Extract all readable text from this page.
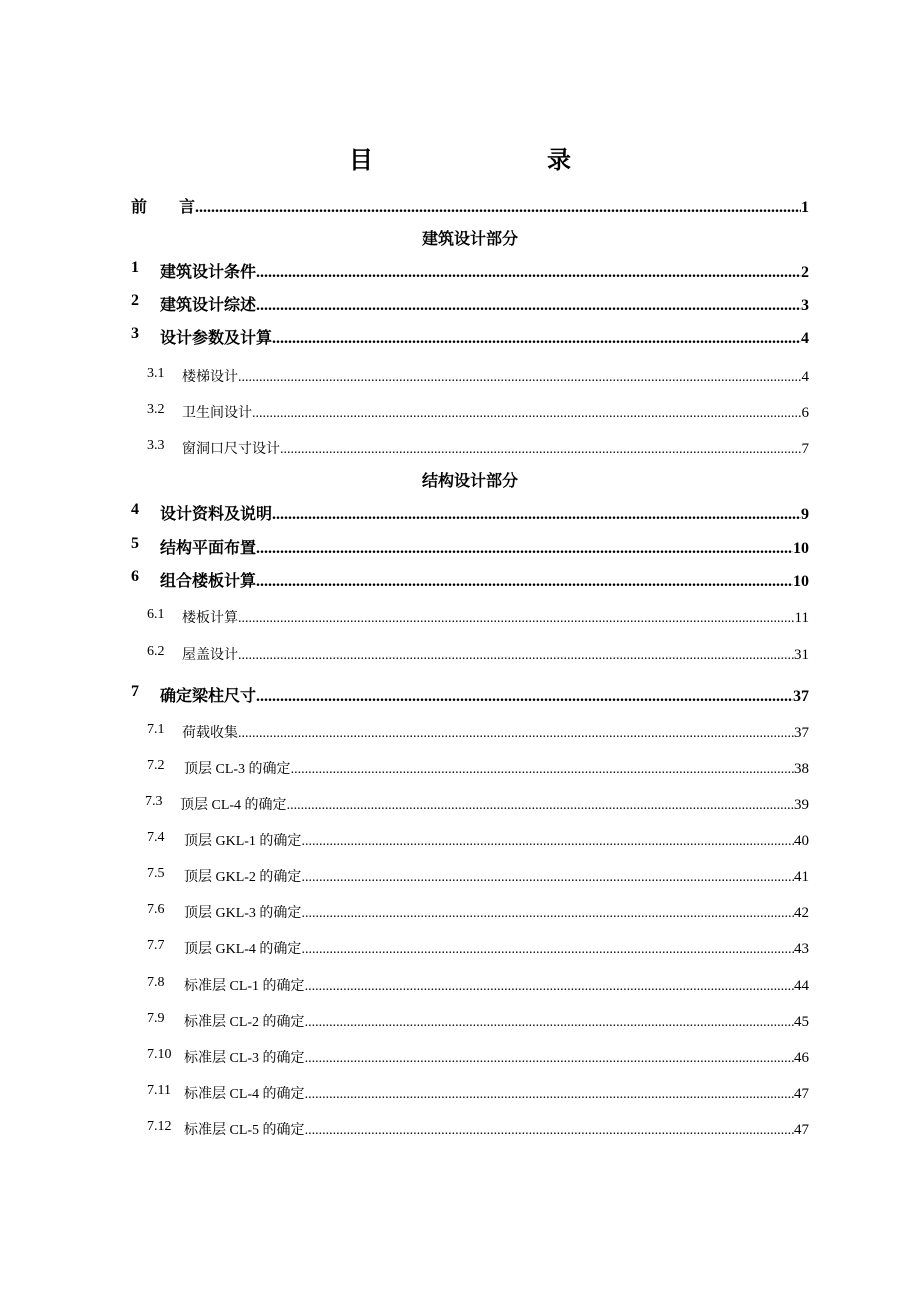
目　　录
前　　言 .....	1
建筑设计部分
1 建筑设计条件 .....	2
2 建筑设计综述 .....	3
3 设计参数及计算 .....	4
3.1 楼梯设计 .....	4
3.2 卫生间设计 .....	6
3.3 窗洞口尺寸设计 .....	7
结构设计部分
4 设计资料及说明 .....	9
5 结构平面布置 .....	10
6 组合楼板计算 .....	10
6.1 楼板计算 .....	11
6.2 屋盖设计 .....	31
7 确定梁柱尺寸 .....	37
7.1 荷载收集 .....	37
7.2 顶层 CL-3 的确定 .....	38
7.3 顶层 CL-4 的确定 .....	39
7.4 顶层 GKL-1 的确定 .....	40
7.5 顶层 GKL-2 的确定 .....	41
7.6 顶层 GKL-3 的确定 .....	42
7.7 顶层 GKL-4 的确定 .....	43
7.8 标准层 CL-1 的确定 .....	44
7.9 标准层 CL-2 的确定 .....	45
7.10 标准层 CL-3 的确定 .....	46
7.11 标准层 CL-4 的确定 .....	47
7.12 标准层 CL-5 的确定 .....	47
